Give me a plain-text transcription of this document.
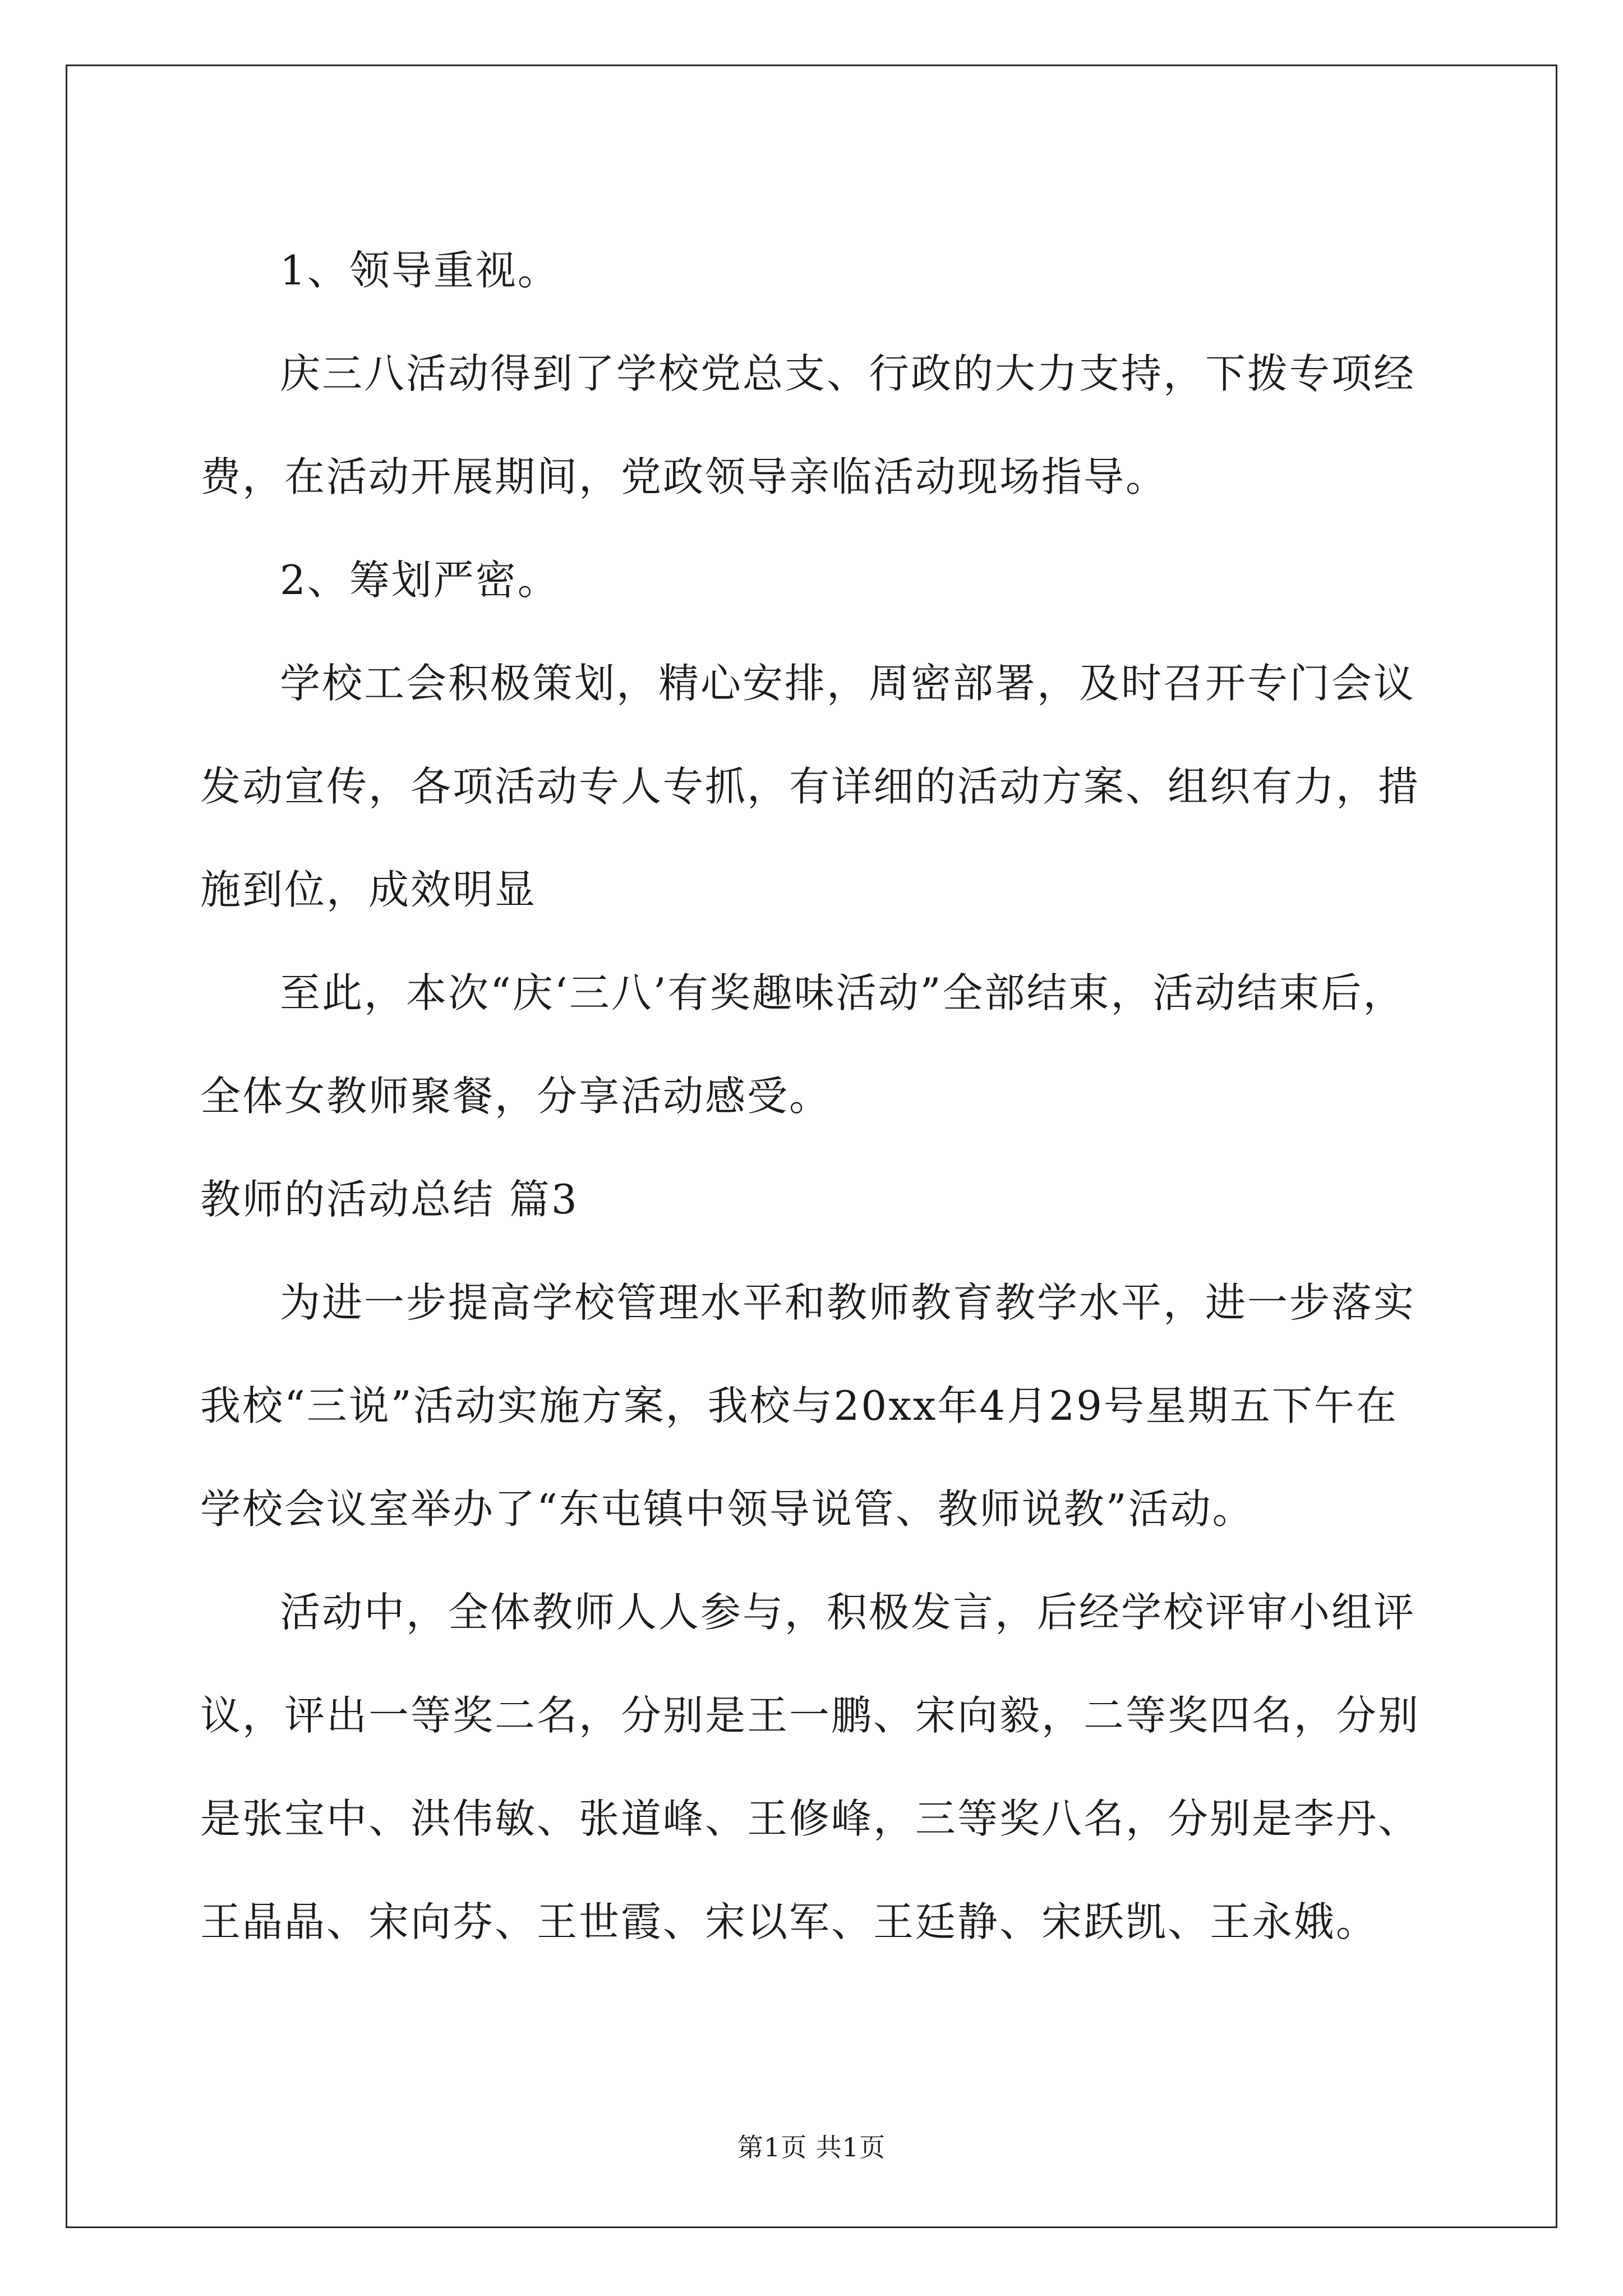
1、领导重视。

庆三八活动得到了学校党总支、行政的大力支持，下拨专项经费，在活动开展期间，党政领导亲临活动现场指导。

2、筹划严密。

学校工会积极策划，精心安排，周密部署，及时召开专门会议发动宣传，各项活动专人专抓，有详细的活动方案、组织有力，措施到位，成效明显

至此，本次“庆‘三八’有奖趣味活动”全部结束，活动结束后，全体女教师聚餐，分享活动感受。

教师的活动总结 篇3

为进一步提高学校管理水平和教师教育教学水平，进一步落实我校“三说”活动实施方案，我校与20xx年4月29号星期五下午在学校会议室举办了“东屯镇中领导说管、教师说教”活动。

活动中，全体教师人人参与，积极发言，后经学校评审小组评议，评出一等奖二名，分别是王一鹏、宋向毅，二等奖四名，分别是张宝中、洪伟敏、张道峰、王修峰，三等奖八名，分别是李丹、王晶晶、宋向芬、王世霞、宋以军、王廷静、宋跃凯、王永娥。

第1页 共1页
